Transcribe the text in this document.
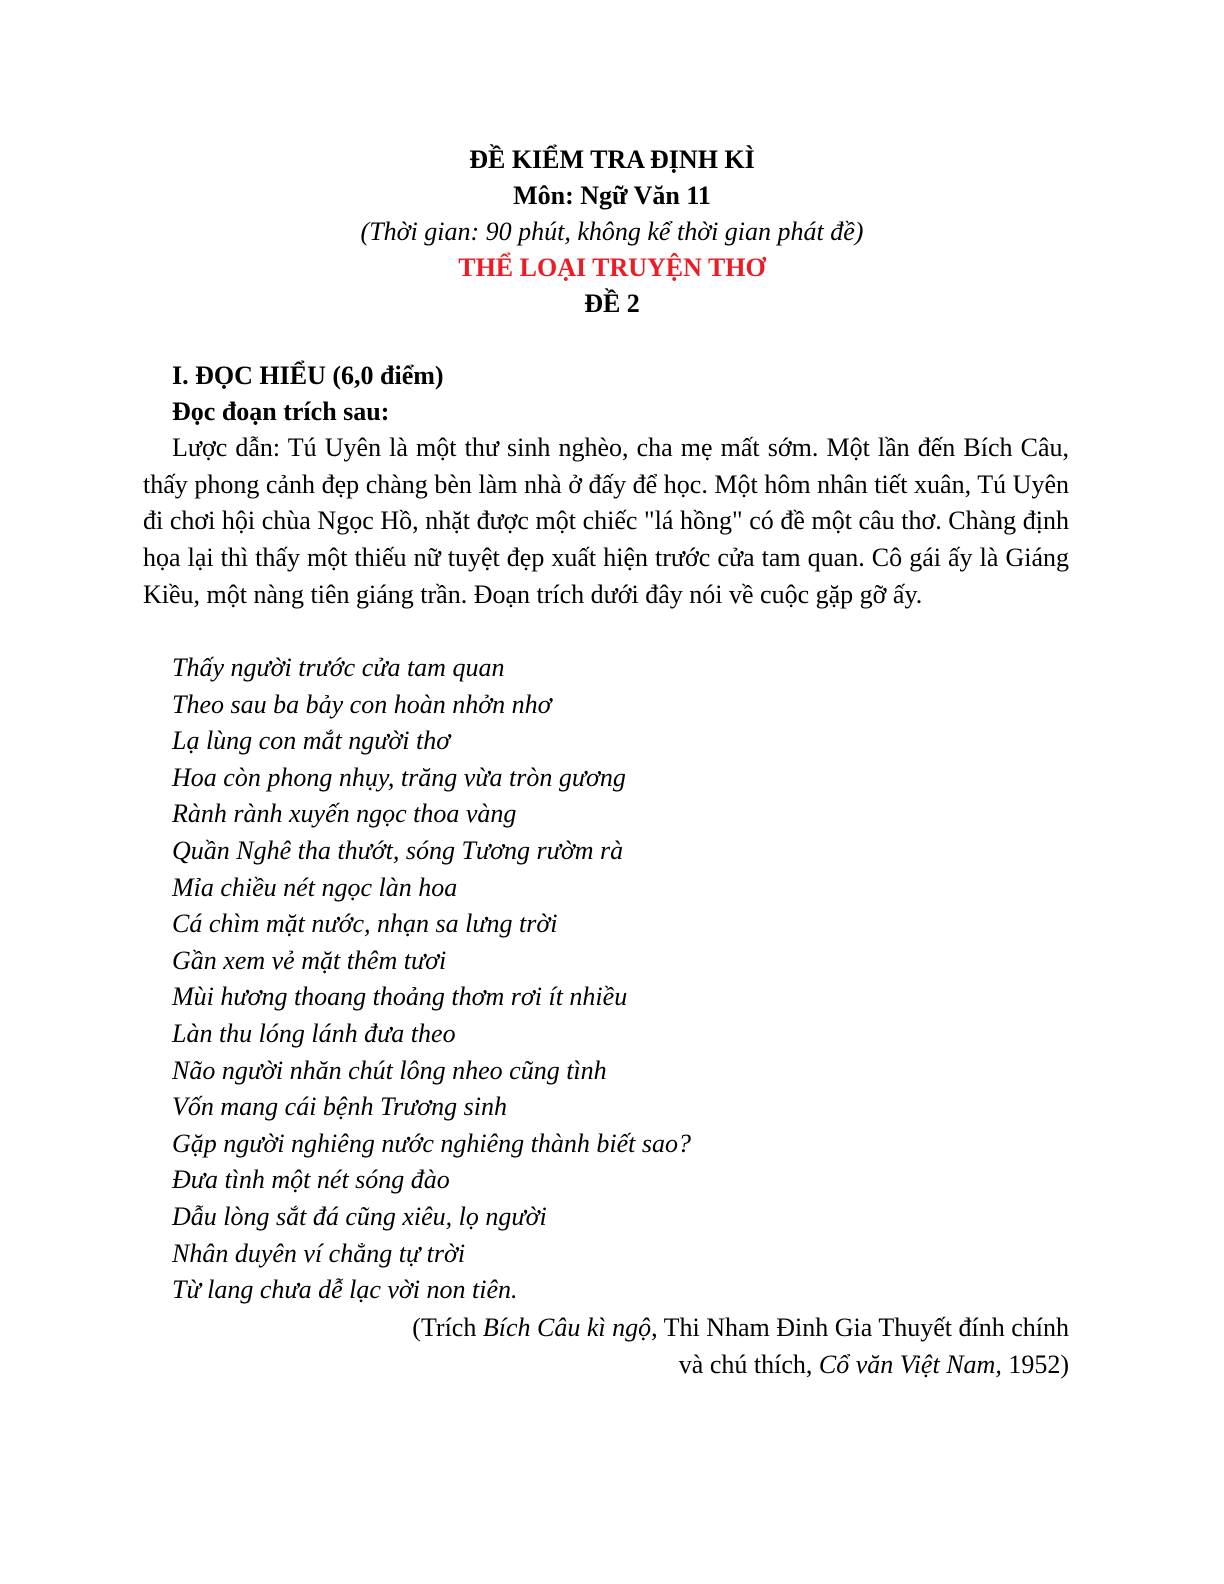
ĐỀ KIỂM TRA ĐỊNH KÌ
Môn: Ngữ Văn 11
(Thời gian: 90 phút, không kể thời gian phát đề)
THỂ LOẠI TRUYỆN THƠ
ĐỀ 2
I. ĐỌC HIỂU (6,0 điểm)
Đọc đoạn trích sau:
Lược dẫn: Tú Uyên là một thư sinh nghèo, cha mẹ mất sớm. Một lần đến Bích Câu, thấy phong cảnh đẹp chàng bèn làm nhà ở đấy để học. Một hôm nhân tiết xuân, Tú Uyên đi chơi hội chùa Ngọc Hồ, nhặt được một chiếc "lá hồng" có đề một câu thơ. Chàng định họa lại thì thấy một thiếu nữ tuyệt đẹp xuất hiện trước cửa tam quan. Cô gái ấy là Giáng Kiều, một nàng tiên giáng trần. Đoạn trích dưới đây nói về cuộc gặp gỡ ấy.
Thấy người trước cửa tam quan
Theo sau ba bảy con hoàn nhởn nhơ
Lạ lùng con mắt người thơ
Hoa còn phong nhụy, trăng vừa tròn gương
Rành rành xuyến ngọc thoa vàng
Quần Nghê tha thướt, sóng Tương rườm rà
Mỉa chiều nét ngọc làn hoa
Cá chìm mặt nước, nhạn sa lưng trời
Gần xem vẻ mặt thêm tươi
Mùi hương thoang thoảng thơm rơi ít nhiều
Làn thu lóng lánh đưa theo
Não người nhăn chút lông nheo cũng tình
Vốn mang cái bệnh Trương sinh
Gặp người nghiêng nước nghiêng thành biết sao?
Đưa tình một nét sóng đào
Dẫu lòng sắt đá cũng xiêu, lọ người
Nhân duyên ví chẳng tự trời
Từ lang chưa dễ lạc vời non tiên.
(Trích Bích Câu kì ngộ, Thi Nham Đinh Gia Thuyết đính chính
và chú thích, Cổ văn Việt Nam, 1952)
